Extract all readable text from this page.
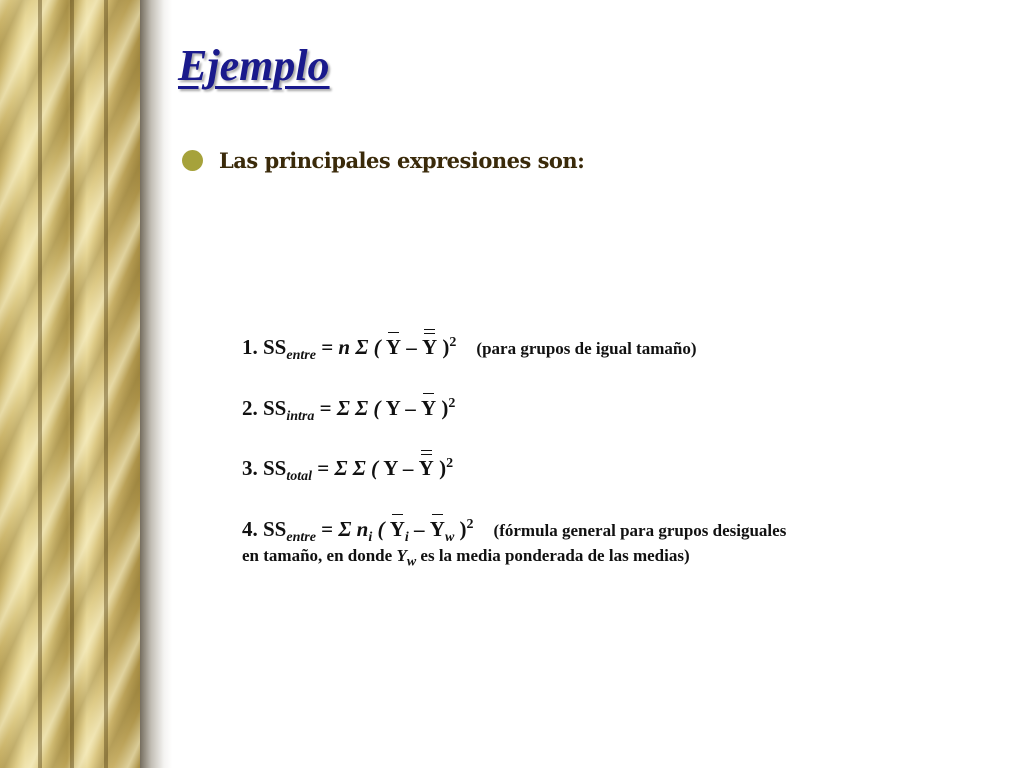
Ejemplo
Las principales expresiones son:
1. $SS_{entre} = n$ Σ ( Y – Y )$^2$ (para grupos de igual tamaño)
2. $SS_{intra} = \Sigma$ Σ ( Y – Y )$^2$
3. $SS_{total} = \Sigma$ Σ ( Y – Y )$^2$
4. $SS_{entre} = \Sigma$ $n_i$ ( $Y_i - Y_w$ )$^2$ (fórmula general para grupos desiguales
en tamaño, en donde $Y_w$ es la media ponderada de las medias)
